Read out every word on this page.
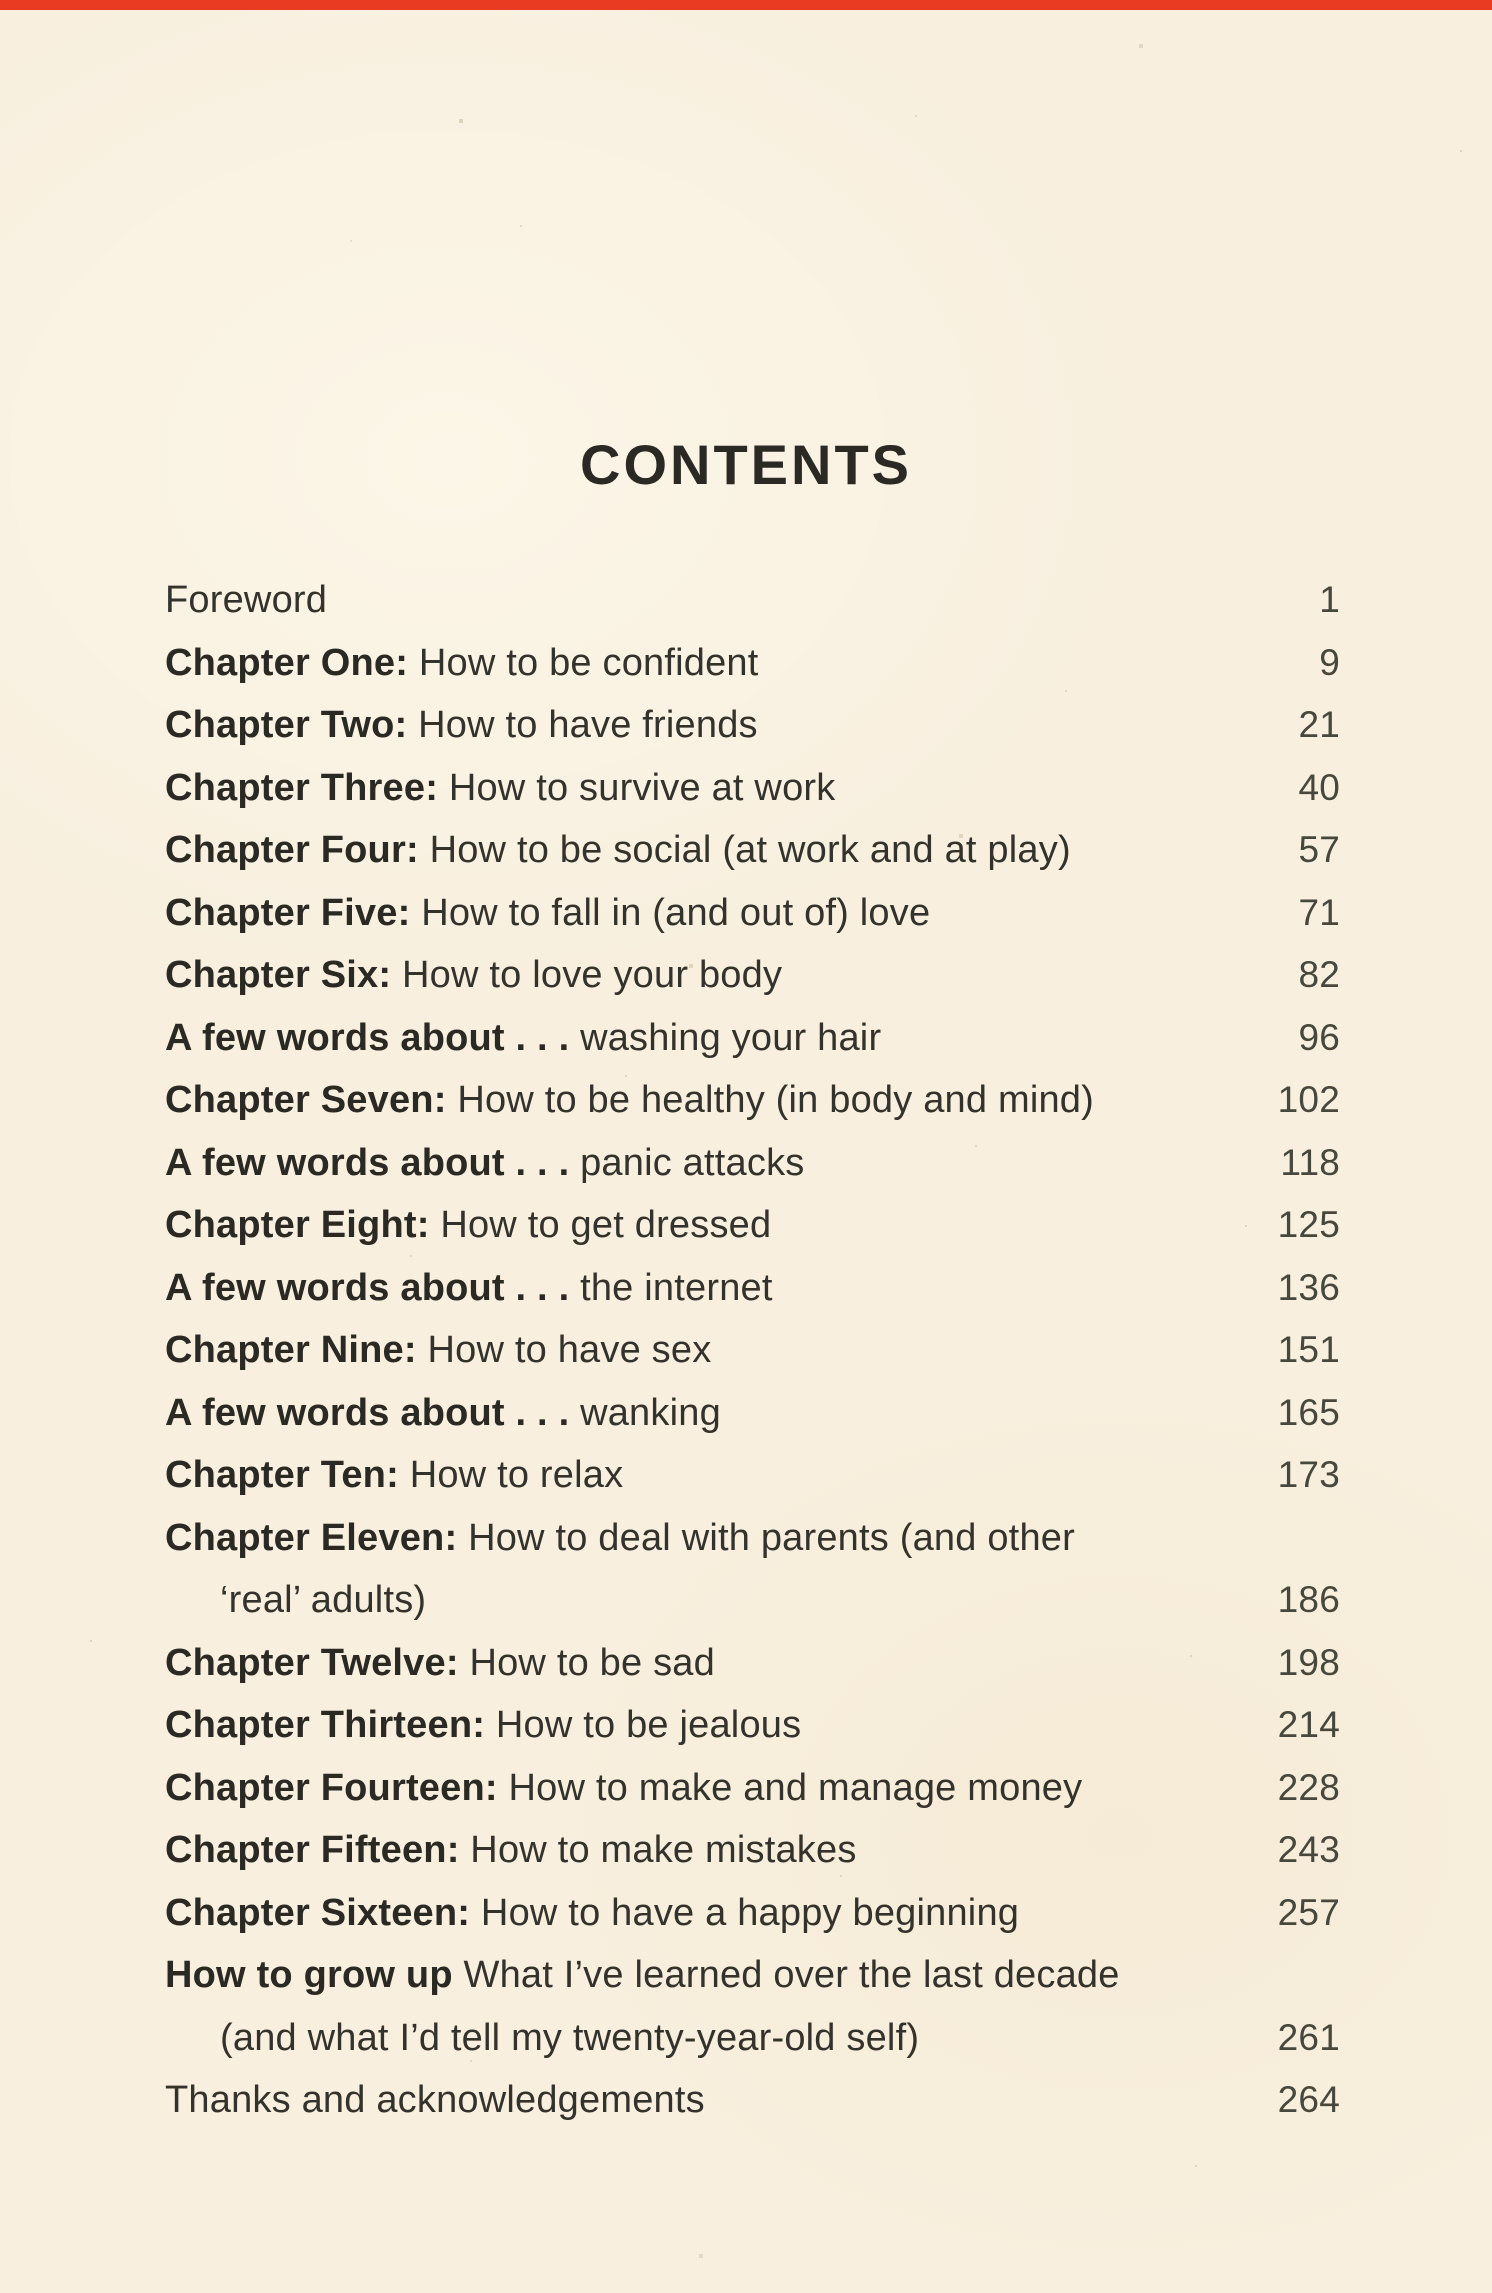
CONTENTS
Foreword	1
Chapter One: How to be confident	9
Chapter Two: How to have friends	21
Chapter Three: How to survive at work	40
Chapter Four: How to be social (at work and at play)	57
Chapter Five: How to fall in (and out of) love	71
Chapter Six: How to love your body	82
A few words about . . . washing your hair	96
Chapter Seven: How to be healthy (in body and mind)	102
A few words about . . . panic attacks	118
Chapter Eight: How to get dressed	125
A few words about . . . the internet	136
Chapter Nine: How to have sex	151
A few words about . . . wanking	165
Chapter Ten: How to relax	173
Chapter Eleven: How to deal with parents (and other
‘real’ adults)	186
Chapter Twelve: How to be sad	198
Chapter Thirteen: How to be jealous	214
Chapter Fourteen: How to make and manage money	228
Chapter Fifteen: How to make mistakes	243
Chapter Sixteen: How to have a happy beginning	257
How to grow up What I’ve learned over the last decade
(and what I’d tell my twenty-year-old self)	261
Thanks and acknowledgements	264
